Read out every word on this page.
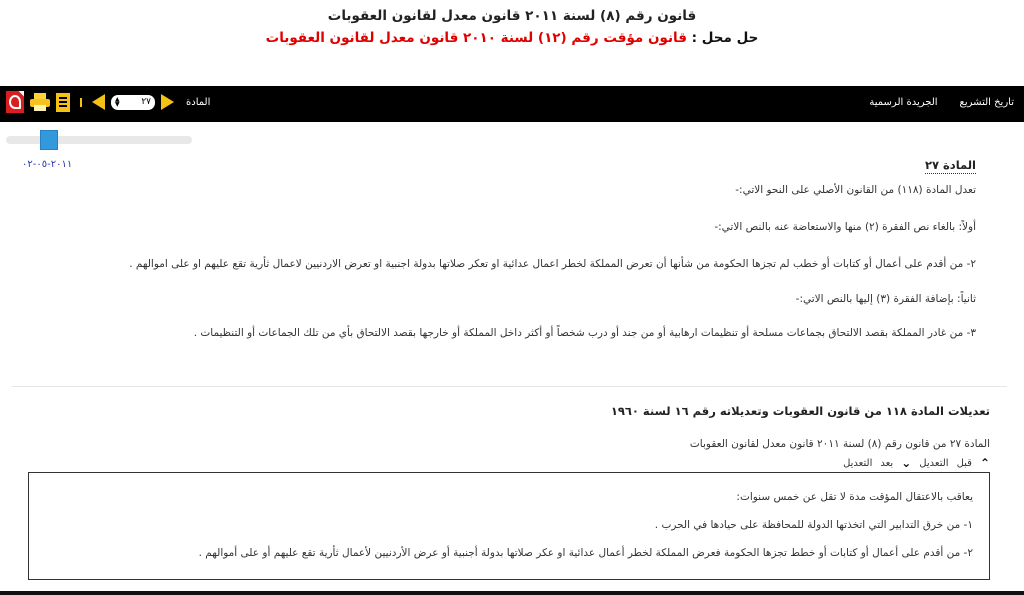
قانون رقم (٨) لسنة ٢٠١١ قانون معدل لقانون العقوبات
حل محل : قانون مؤقت رقم (١٢) لسنة ٢٠١٠ قانون معدل لقانون العقوبات
تاريخ التشريع
الجريدة الرسمية
▲
▼ ٢٧	المادة
٢٠١١-٠٥-٠٢	المادة ٢٧
تعدل المادة (١١٨) من القانون الأصلي على النحو الاتي:-
أولاً: بالغاء نص الفقرة (٢) منها والاستعاضة عنه بالنص الاتي:-
٢- من أقدم على أعمال أو كتابات أو خطب لم تجزها الحكومة من شأنها أن تعرض المملكة لخطر اعمال عدائية او تعكر صلاتها بدولة اجنبية او تعرض الاردنيين لاعمال ثأرية تقع عليهم او على اموالهم .
ثانياً: بإضافة الفقرة (٣) إليها بالنص الاتي:-
٣- من غادر المملكة بقصد الالتحاق بجماعات مسلحة أو تنظيمات ارهابية أو من جند أو درب شخصاً أو أكثر داخل المملكة أو خارجها بقصد الالتحاق بأي من تلك الجماعات أو التنظيمات .
تعديلات المادة ١١٨ من قانون العقوبات وتعديلاته رقم ١٦ لسنة ١٩٦٠
المادة ٢٧ من قانون رقم (٨) لسنة ٢٠١١ قانون معدل لقانون العقوبات
⌃
قبل
التعديل
⌄
بعد
التعديل
يعاقب بالاعتقال المؤقت مدة لا تقل عن خمس سنوات:
١- من خرق التدابير التي اتخذتها الدولة للمحافظة على حيادها في الحرب .
٢- من أقدم على أعمال أو كتابات أو خطط تجزها الحكومة فعرض المملكة لخطر أعمال عدائية او عكر صلاتها بدولة أجنبية أو عرض الأردنيين لأعمال ثأرية تقع عليهم أو على أموالهم .
